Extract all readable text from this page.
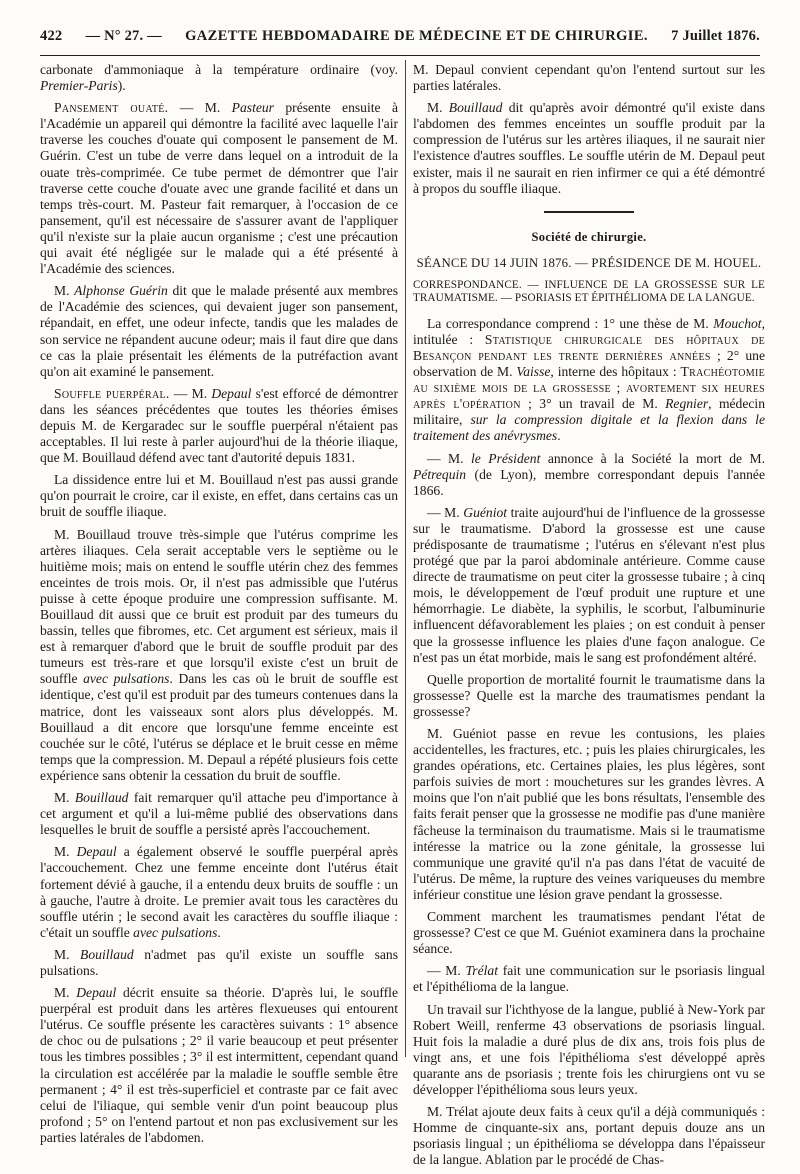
422 — N° 27. — GAZETTE HEBDOMADAIRE DE MÉDECINE ET DE CHIRURGIE. 7 Juillet 1876.

carbonate d'ammoniaque à la température ordinaire (voy. Premier-Paris).

Pansement ouaté. — M. Pasteur présente ensuite à l'Académie un appareil qui démontre la facilité avec laquelle l'air traverse les couches d'ouate qui composent le pansement de M. Guérin. C'est un tube de verre dans lequel on a introduit de la ouate très-comprimée. Ce tube permet de démontrer que l'air traverse cette couche d'ouate avec une grande facilité et dans un temps très-court. M. Pasteur fait remarquer, à l'occasion de ce pansement, qu'il est nécessaire de s'assurer avant de l'appliquer qu'il n'existe sur la plaie aucun organisme ; c'est une précaution qui avait été négligée sur le malade qui a été présenté à l'Académie des sciences.

M. Alphonse Guérin dit que le malade présenté aux membres de l'Académie des sciences, qui devaient juger son pansement, répandait, en effet, une odeur infecte, tandis que les malades de son service ne répandent aucune odeur; mais il faut dire que dans ce cas la plaie présentait les éléments de la putréfaction avant qu'on ait examiné le pansement.

Souffle puerpéral. — M. Depaul s'est efforcé de démontrer dans les séances précédentes que toutes les théories émises depuis M. de Kergaradec sur le souffle puerpéral n'étaient pas acceptables. Il lui reste à parler aujourd'hui de la théorie iliaque, que M. Bouillaud défend avec tant d'autorité depuis 1831.

La dissidence entre lui et M. Bouillaud n'est pas aussi grande qu'on pourrait le croire, car il existe, en effet, dans certains cas un bruit de souffle iliaque.

M. Bouillaud trouve très-simple que l'utérus comprime les artères iliaques. Cela serait acceptable vers le septième ou le huitième mois; mais on entend le souffle utérin chez des femmes enceintes de trois mois. Or, il n'est pas admissible que l'utérus puisse à cette époque produire une compression suffisante. M. Bouillaud dit aussi que ce bruit est produit par des tumeurs du bassin, telles que fibromes, etc. Cet argument est sérieux, mais il est à remarquer d'abord que le bruit de souffle produit par des tumeurs est très-rare et que lorsqu'il existe c'est un bruit de souffle avec pulsations. Dans les cas où le bruit de souffle est identique, c'est qu'il est produit par des tumeurs contenues dans la matrice, dont les vaisseaux sont alors plus développés. M. Bouillaud a dit encore que lorsqu'une femme enceinte est couchée sur le côté, l'utérus se déplace et le bruit cesse en même temps que la compression. M. Depaul a répété plusieurs fois cette expérience sans obtenir la cessation du bruit de souffle.

M. Bouillaud fait remarquer qu'il attache peu d'importance à cet argument et qu'il a lui-même publié des observations dans lesquelles le bruit de souffle a persisté après l'accouchement.

M. Depaul a également observé le souffle puerpéral après l'accouchement. Chez une femme enceinte dont l'utérus était fortement dévié à gauche, il a entendu deux bruits de souffle : un à gauche, l'autre à droite. Le premier avait tous les caractères du souffle utérin ; le second avait les caractères du souffle iliaque : c'était un souffle avec pulsations.

M. Bouillaud n'admet pas qu'il existe un souffle sans pulsations.

M. Depaul décrit ensuite sa théorie. D'après lui, le souffle puerpéral est produit dans les artères flexueuses qui entourent l'utérus. Ce souffle présente les caractères suivants : 1° absence de choc ou de pulsations ; 2° il varie beaucoup et peut présenter tous les timbres possibles ; 3° il est intermittent, cependant quand la circulation est accélérée par la maladie le souffle semble être permanent ; 4° il est très-superficiel et contraste par ce fait avec celui de l'iliaque, qui semble venir d'un point beaucoup plus profond ; 5° on l'entend partout et non pas exclusivement sur les parties latérales de l'abdomen.

M. Depaul convient cependant qu'on l'entend surtout sur les parties latérales.

M. Bouillaud dit qu'après avoir démontré qu'il existe dans l'abdomen des femmes enceintes un souffle produit par la compression de l'utérus sur les artères iliaques, il ne saurait nier l'existence d'autres souffles. Le souffle utérin de M. Depaul peut exister, mais il ne saurait en rien infirmer ce qui a été démontré à propos du souffle iliaque.

Société de chirurgie.
SÉANCE DU 14 JUIN 1876. — PRÉSIDENCE DE M. HOUEL.

CORRESPONDANCE. — INFLUENCE DE LA GROSSESSE SUR LE TRAUMATISME. — PSORIASIS ET ÉPITHÉLIOMA DE LA LANGUE.

La correspondance comprend : 1° une thèse de M. Mouchot, intitulée : Statistique chirurgicale des hôpitaux de Besançon pendant les trente dernières années ; 2° une observation de M. Vaisse, interne des hôpitaux : Trachéotomie au sixième mois de la grossesse ; avortement six heures après l'opération ; 3° un travail de M. Regnier, médecin militaire, sur la compression digitale et la flexion dans le traitement des anévrysmes.

— M. le Président annonce à la Société la mort de M. Pétrequin (de Lyon), membre correspondant depuis l'année 1866.

— M. Guéniot traite aujourd'hui de l'influence de la grossesse sur le traumatisme. D'abord la grossesse est une cause prédisposante de traumatisme ; l'utérus en s'élevant n'est plus protégé que par la paroi abdominale antérieure. Comme cause directe de traumatisme on peut citer la grossesse tubaire ; à cinq mois, le développement de l'œuf produit une rupture et une hémorrhagie. Le diabète, la syphilis, le scorbut, l'albuminurie influencent défavorablement les plaies ; on est conduit à penser que la grossesse influence les plaies d'une façon analogue. Ce n'est pas un état morbide, mais le sang est profondément altéré.

Quelle proportion de mortalité fournit le traumatisme dans la grossesse? Quelle est la marche des traumatismes pendant la grossesse?

M. Guéniot passe en revue les contusions, les plaies accidentelles, les fractures, etc. ; puis les plaies chirurgicales, les grandes opérations, etc. Certaines plaies, les plus légères, sont parfois suivies de mort : mouchetures sur les grandes lèvres. A moins que l'on n'ait publié que les bons résultats, l'ensemble des faits ferait penser que la grossesse ne modifie pas d'une manière fâcheuse la terminaison du traumatisme. Mais si le traumatisme intéresse la matrice ou la zone génitale, la grossesse lui communique une gravité qu'il n'a pas dans l'état de vacuité de l'utérus. De même, la rupture des veines variqueuses du membre inférieur constitue une lésion grave pendant la grossesse.

Comment marchent les traumatismes pendant l'état de grossesse? C'est ce que M. Guéniot examinera dans la prochaine séance.

— M. Trélat fait une communication sur le psoriasis lingual et l'épithélioma de la langue.

Un travail sur l'ichthyose de la langue, publié à New-York par Robert Weill, renferme 43 observations de psoriasis lingual. Huit fois la maladie a duré plus de dix ans, trois fois plus de vingt ans, et une fois l'épithélioma s'est développé après quarante ans de psoriasis ; trente fois les chirurgiens ont vu se développer l'épithélioma sous leurs yeux.

M. Trélat ajoute deux faits à ceux qu'il a déjà communiqués : Homme de cinquante-six ans, portant depuis douze ans un psoriasis lingual ; un épithélioma se développa dans l'épaisseur de la langue. Ablation par le procédé de Chas-
